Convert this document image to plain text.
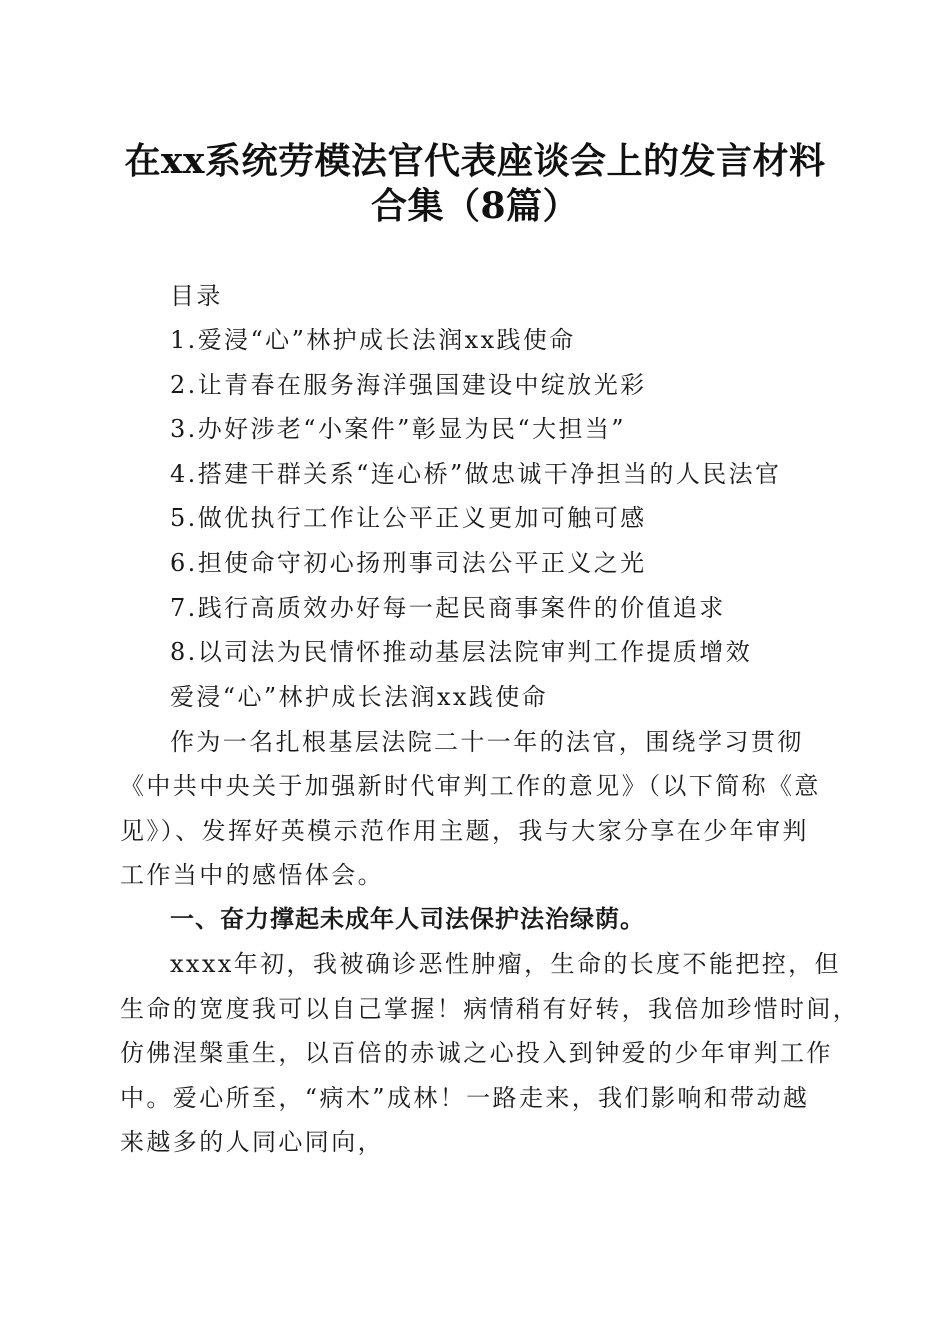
在xx系统劳模法官代表座谈会上的发言材料
合集（8篇）
目录
1.爱浸“心”林护成长法润xx践使命
2.让青春在服务海洋强国建设中绽放光彩
3.办好涉老“小案件”彰显为民“大担当”
4.搭建干群关系“连心桥”做忠诚干净担当的人民法官
5.做优执行工作让公平正义更加可触可感
6.担使命守初心扬刑事司法公平正义之光
7.践行高质效办好每一起民商事案件的价值追求
8.以司法为民情怀推动基层法院审判工作提质增效
爱浸“心”林护成长法润xx践使命
作为一名扎根基层法院二十一年的法官，围绕学习贯彻
《中共中央关于加强新时代审判工作的意见》（以下简称《意
见》）、发挥好英模示范作用主题，我与大家分享在少年审判
工作当中的感悟体会。
一、奋力撑起未成年人司法保护法治绿荫。
xxxx年初，我被确诊恶性肿瘤，生命的长度不能把控，但
生命的宽度我可以自己掌握！病情稍有好转，我倍加珍惜时间，
仿佛涅槃重生，以百倍的赤诚之心投入到钟爱的少年审判工作
中。爱心所至，“病木”成林！一路走来，我们影响和带动越
来越多的人同心同向，
